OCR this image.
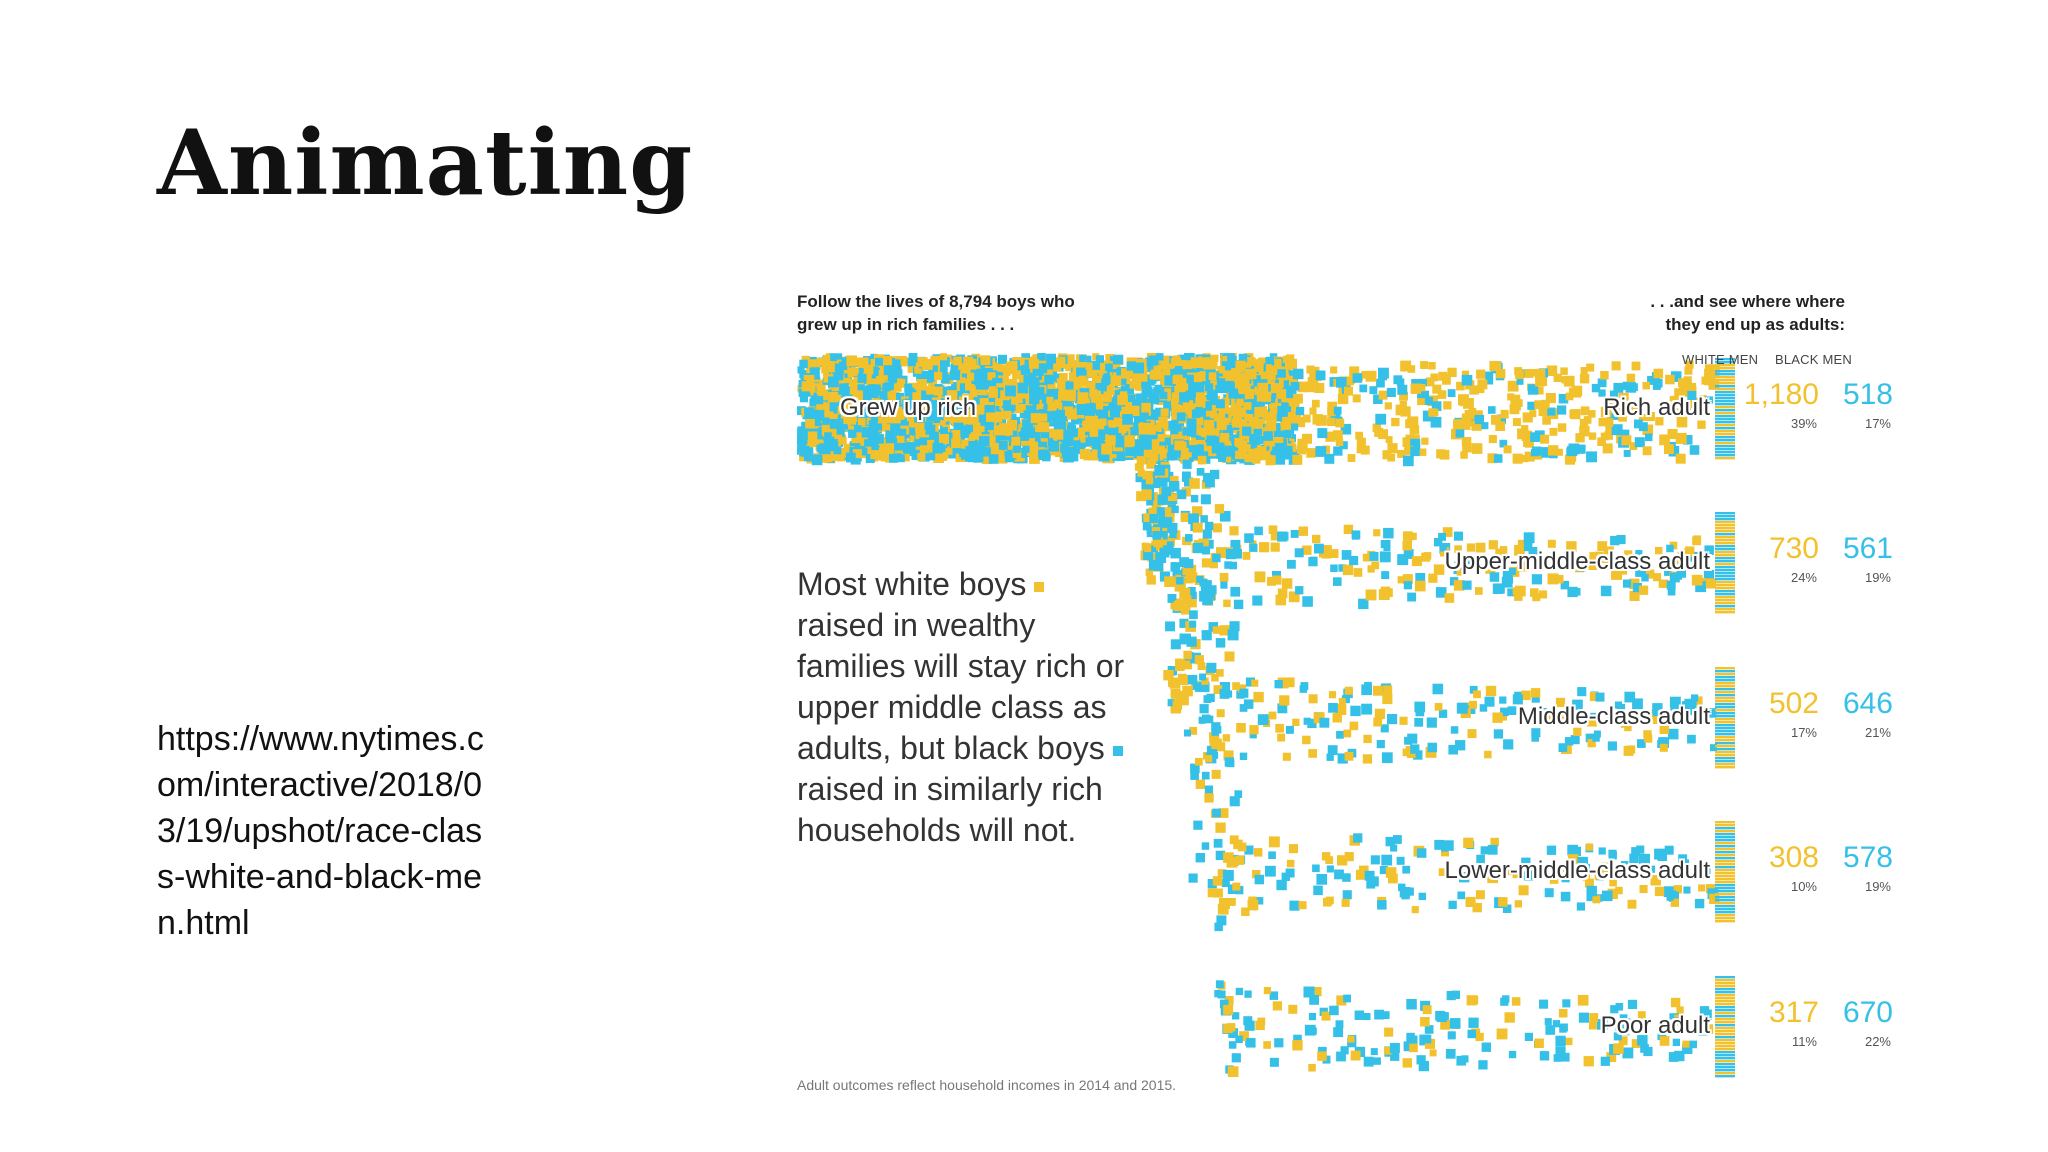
Animating
https://www.nytimes.com/interactive/2018/03/19/upshot/race-class-white-and-black-men.html
Follow the lives of 8,794 boys who
grew up in rich families . . .
. . .and see where where
they end up as adults:
WHITE MEN BLACK MEN
Most white boys raised in wealthy families will stay rich or upper middle class as adults, but black boys raised in similarly rich households will not.
Adult outcomes reflect household incomes in 2014 and 2015.
Grew up rich	Rich adult 1,180
39%
518
17%
Upper-middle-class adult 730
24%
561
19%
Middle-class adult 502
17%
646
21%
Lower-middle-class adult 308
10%
578
19%
Poor adult 317
11%
670
22%
